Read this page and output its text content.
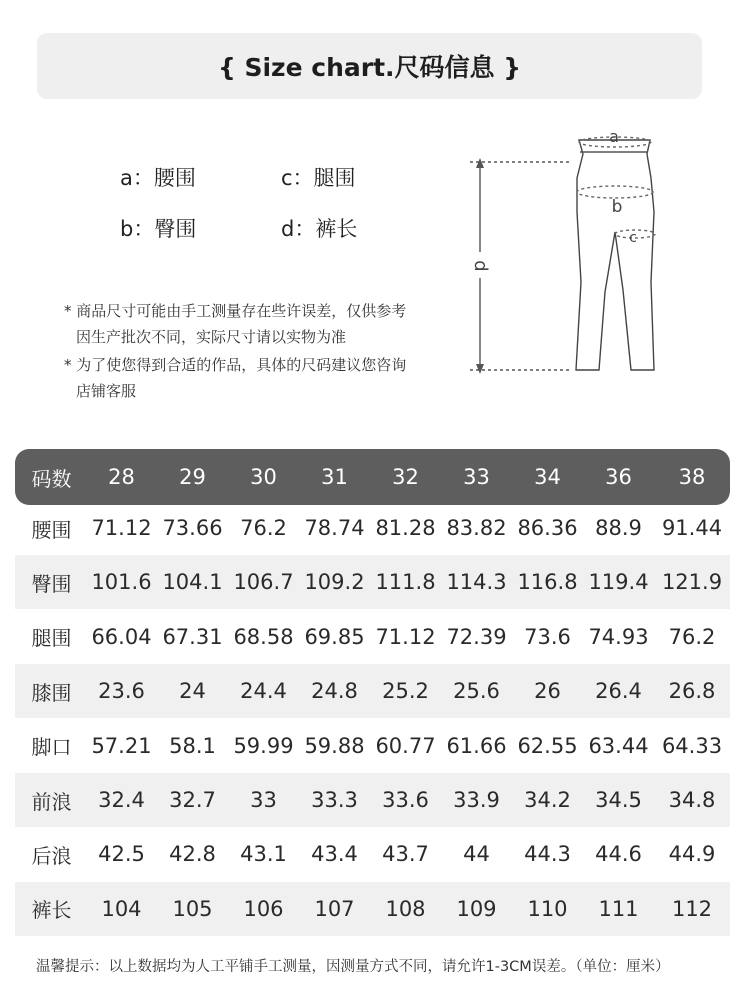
{ Size chart.尺码信息 }
a：腰围	c：腿围
b：臀围	d：裤长
* 商品尺寸可能由手工测量存在些许误差，仅供参考
因生产批次不同，实际尺寸请以实物为准
* 为了使您得到合适的作品，具体的尺码建议您咨询
店铺客服
d
a
b
c
码数	28	29	30	31	32	33	34	36	38
腰围 71.12 73.66 76.2 78.74 81.28 83.82 86.36 88.9 91.44
臀围 101.6 104.1 106.7 109.2 111.8 114.3 116.8 119.4 121.9
腿围 66.04 67.31 68.58 69.85 71.12 72.39 73.6 74.93 76.2
膝围	23.6	24	24.4	24.8	25.2	25.6	26	26.4	26.8
脚口 57.21 58.1 59.99 59.88 60.77 61.66 62.55 63.44 64.33
前浪	32.4	32.7	33	33.3	33.6	33.9	34.2	34.5	34.8
后浪	42.5	42.8	43.1	43.4	43.7	44	44.3	44.6	44.9
裤长	104	105	106	107	108	109	110	111	112
温馨提示：以上数据均为人工平铺手工测量，因测量方式不同，请允许1-3CM误差。（单位：厘米）
